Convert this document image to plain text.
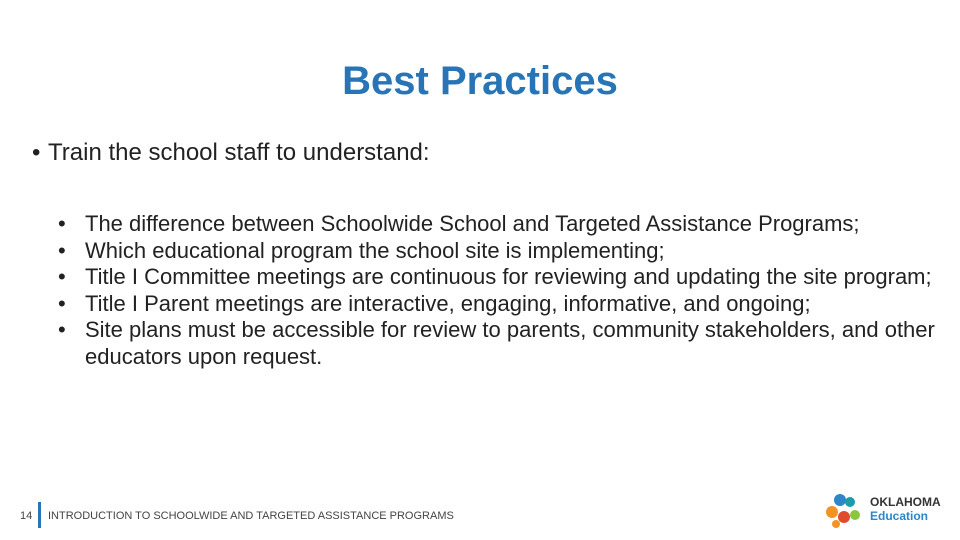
Best Practices
• Train the school staff to understand:
• The difference between Schoolwide School and Targeted Assistance Programs;
• Which educational program the school site is implementing;
• Title I Committee meetings are continuous for reviewing and updating the site program;
• Title I Parent meetings are interactive, engaging, informative, and ongoing;
• Site plans must be accessible for review to parents, community stakeholders, and other educators upon request.
14 INTRODUCTION TO SCHOOLWIDE AND TARGETED ASSISTANCE PROGRAMS
OKLAHOMA
Education
